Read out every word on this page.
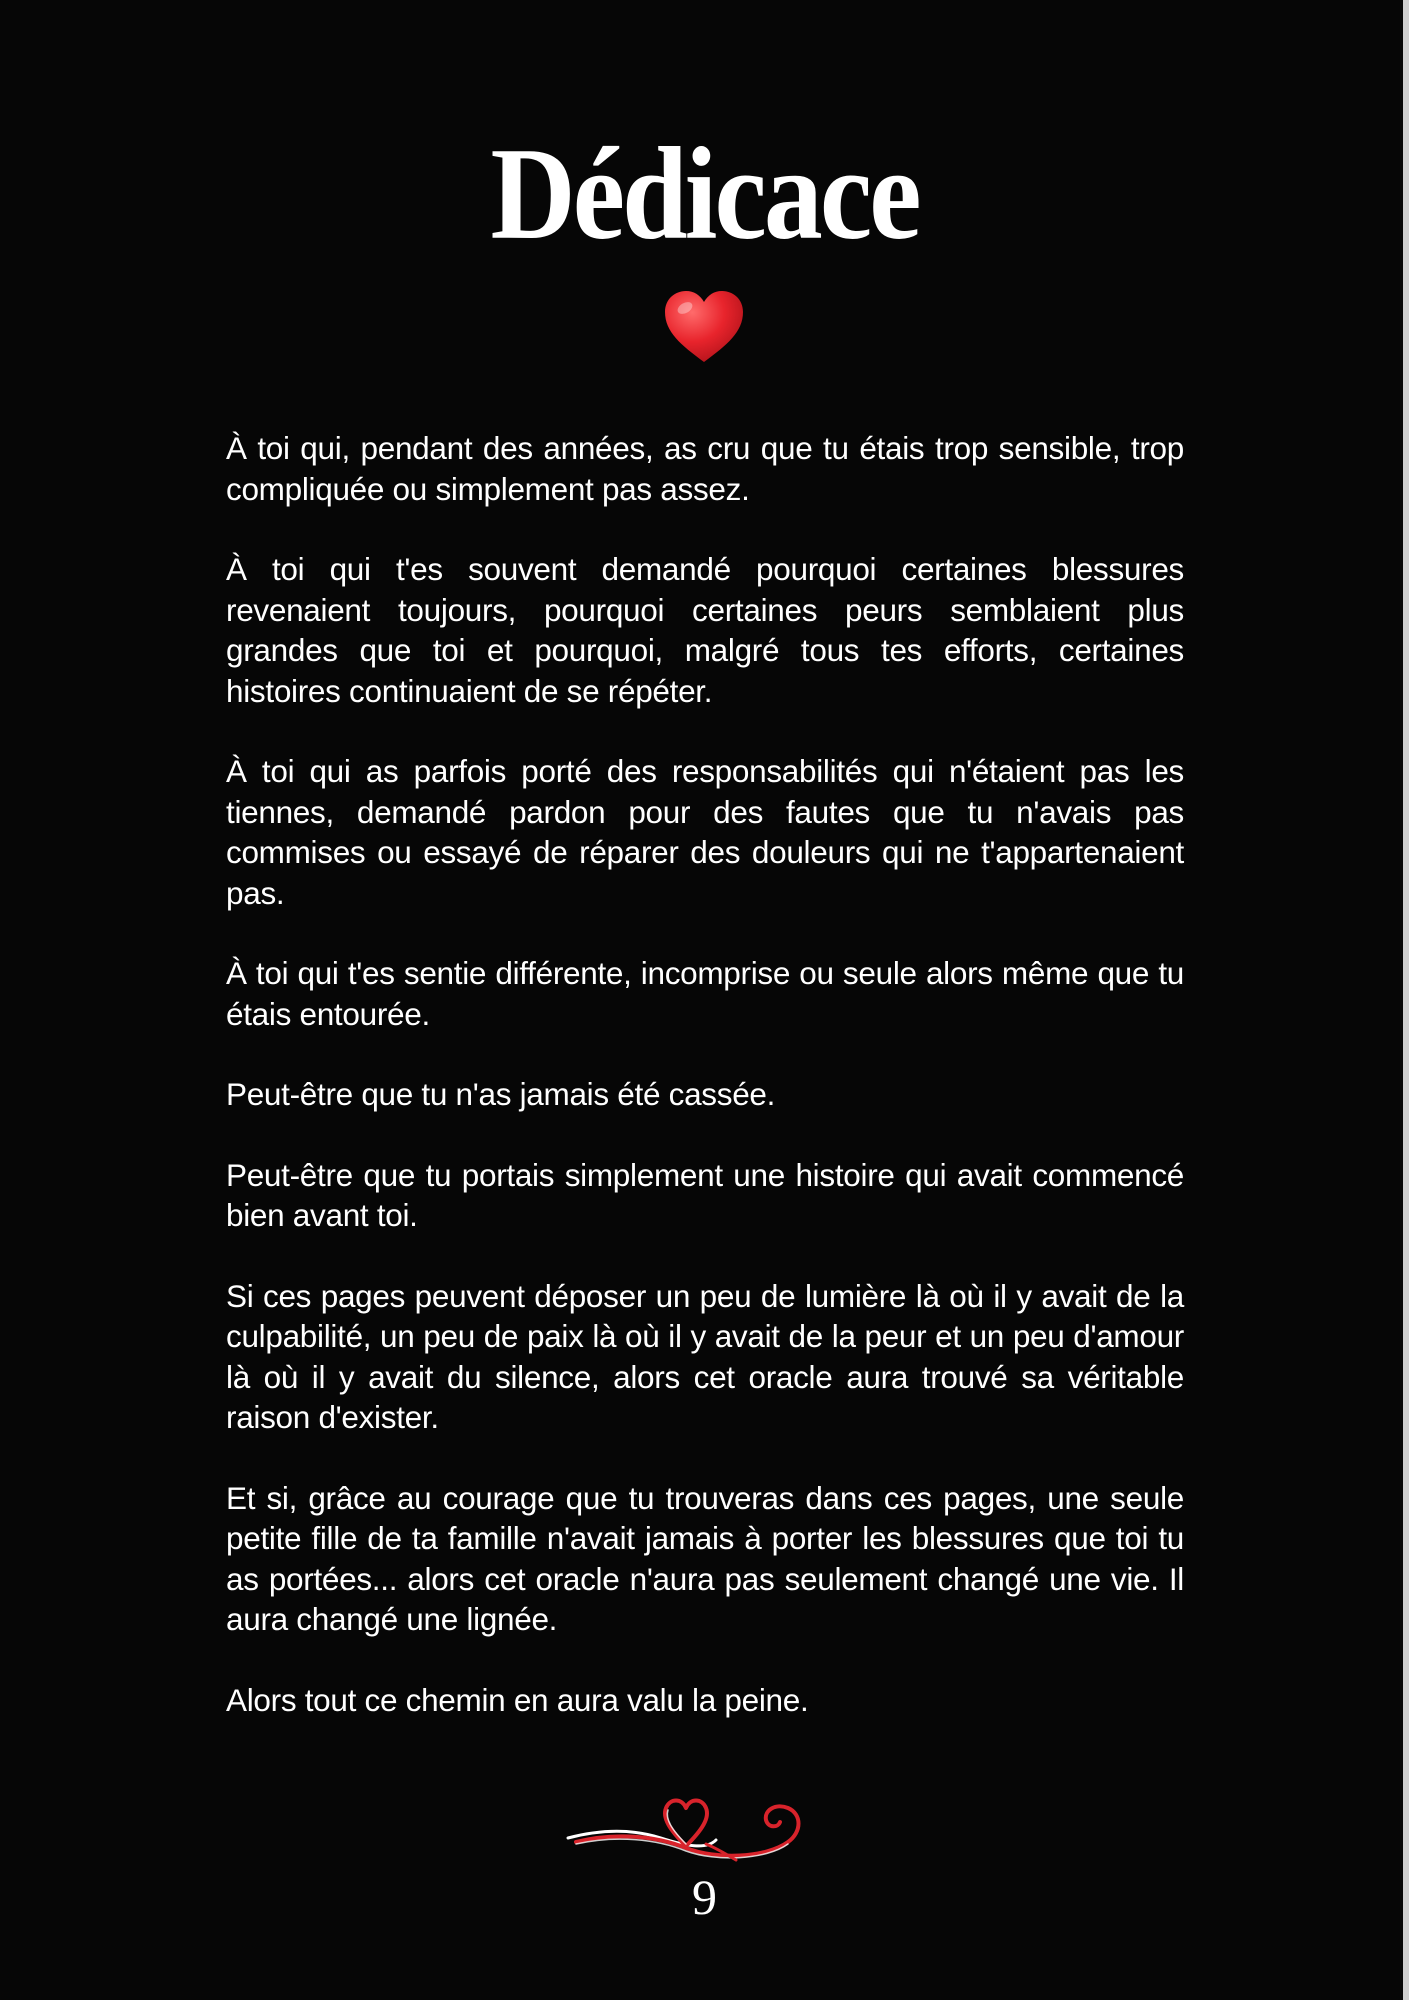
Dédicace

À toi qui, pendant des années, as cru que tu étais trop sensible, trop compliquée ou simplement pas assez.

À toi qui t'es souvent demandé pourquoi certaines blessures revenaient toujours, pourquoi certaines peurs semblaient plus grandes que toi et pourquoi, malgré tous tes efforts, certaines histoires continuaient de se répéter.

À toi qui as parfois porté des responsabilités qui n'étaient pas les tiennes, demandé pardon pour des fautes que tu n'avais pas commises ou essayé de réparer des douleurs qui ne t'appartenaient pas.

À toi qui t'es sentie différente, incomprise ou seule alors même que tu étais entourée.

Peut-être que tu n'as jamais été cassée.

Peut-être que tu portais simplement une histoire qui avait commencé bien avant toi.

Si ces pages peuvent déposer un peu de lumière là où il y avait de la culpabilité, un peu de paix là où il y avait de la peur et un peu d'amour là où il y avait du silence, alors cet oracle aura trouvé sa véritable raison d'exister.

Et si, grâce au courage que tu trouveras dans ces pages, une seule petite fille de ta famille n'avait jamais à porter les blessures que toi tu as portées... alors cet oracle n'aura pas seulement changé une vie. Il aura changé une lignée.

Alors tout ce chemin en aura valu la peine.

9
